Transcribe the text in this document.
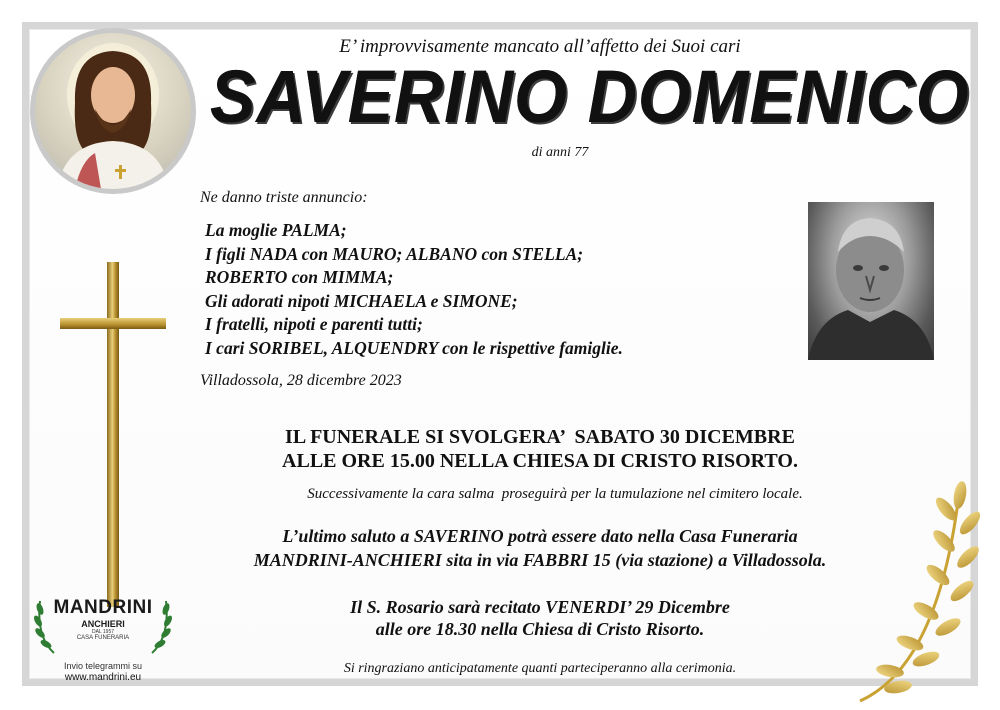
E’ improvvisamente mancato all’affetto dei Suoi cari
SAVERINO DOMENICO
di anni 77
Ne danno triste annuncio:
La moglie PALMA;
I figli NADA con MAURO; ALBANO con STELLA;
ROBERTO con MIMMA;
Gli adorati nipoti MICHAELA e SIMONE;
I fratelli, nipoti e parenti tutti;
I cari SORIBEL, ALQUENDRY con le rispettive famiglie.
Villadossola, 28 dicembre 2023
IL FUNERALE SI SVOLGERA’  SABATO 30 DICEMBRE
ALLE ORE 15.00 NELLA CHIESA DI CRISTO RISORTO.
Successivamente la cara salma  proseguirà per la tumulazione nel cimitero locale.
L’ultimo saluto a SAVERINO potrà essere dato nella Casa Funeraria
MANDRINI-ANCHIERI sita in via FABBRI 15 (via stazione) a Villadossola.
Il S. Rosario sarà recitato VENERDI’ 29 Dicembre
alle ore 18.30 nella Chiesa di Cristo Risorto.
Si ringraziano anticipatamente quanti parteciperanno alla cerimonia.
MANDRINI
ANCHIERI
DAL 1957
CASA FUNERARIA
Invio telegrammi su
www.mandrini.eu
